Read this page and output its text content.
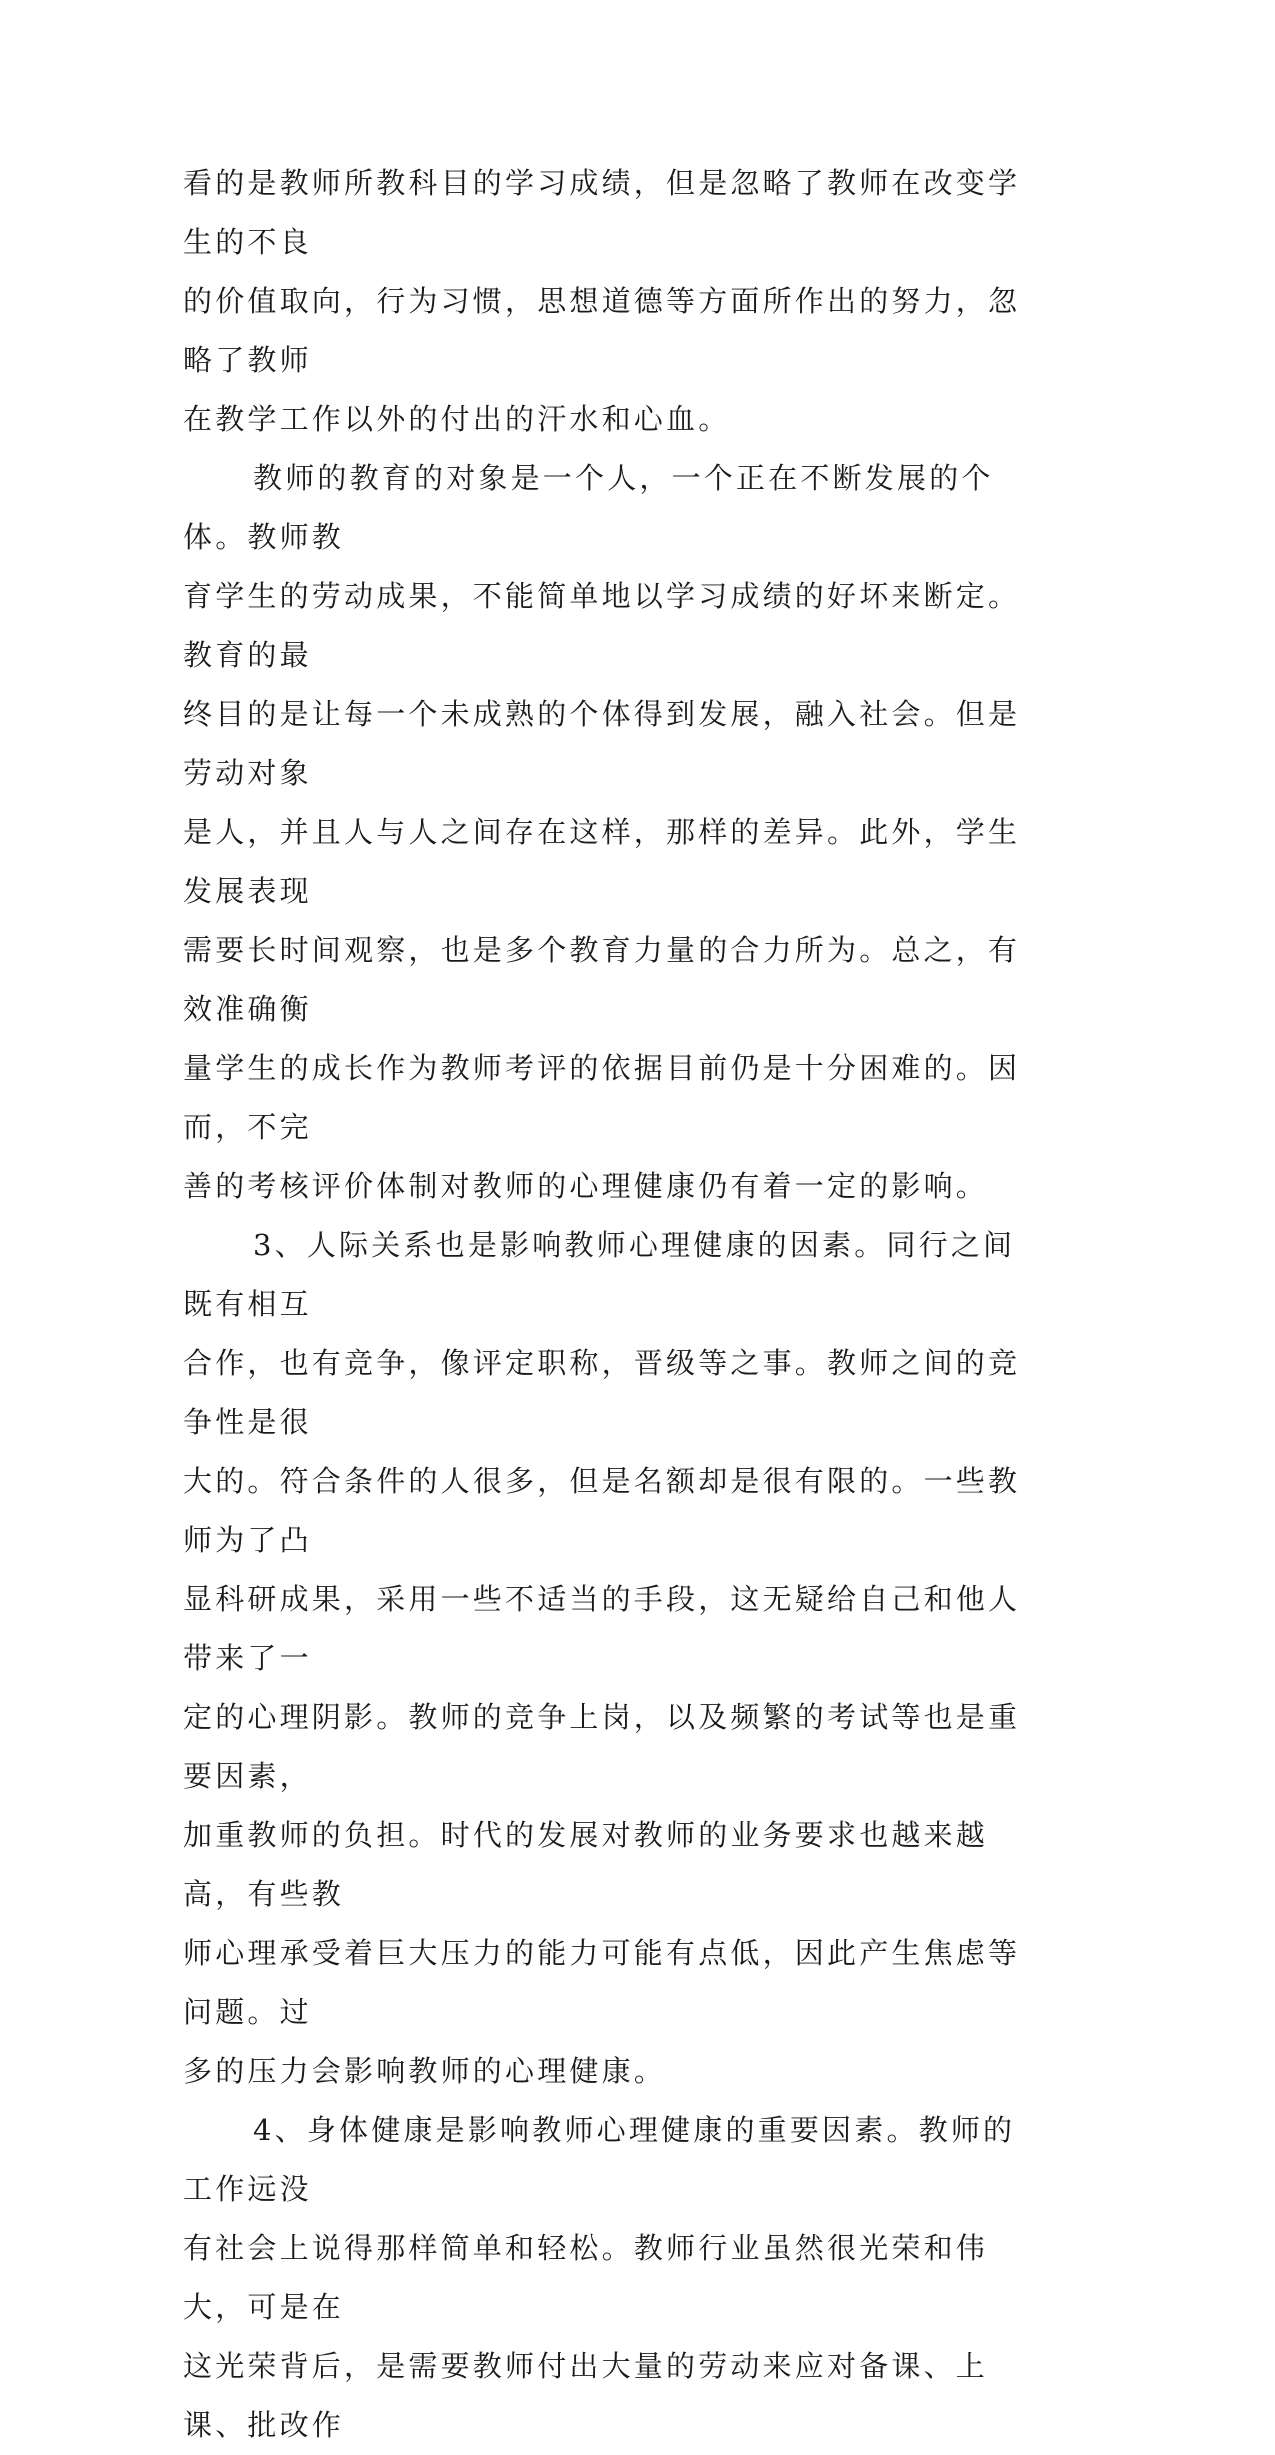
看的是教师所教科目的学习成绩，但是忽略了教师在改变学生的不良
的价值取向，行为习惯，思想道德等方面所作出的努力，忽略了教师
在教学工作以外的付出的汗水和心血。

教师的教育的对象是一个人，一个正在不断发展的个体。教师教
育学生的劳动成果，不能简单地以学习成绩的好坏来断定。教育的最
终目的是让每一个未成熟的个体得到发展，融入社会。但是劳动对象
是人，并且人与人之间存在这样，那样的差异。此外，学生发展表现
需要长时间观察，也是多个教育力量的合力所为。总之，有效准确衡
量学生的成长作为教师考评的依据目前仍是十分困难的。因而，不完
善的考核评价体制对教师的心理健康仍有着一定的影响。

3、人际关系也是影响教师心理健康的因素。同行之间既有相互
合作，也有竞争，像评定职称，晋级等之事。教师之间的竞争性是很
大的。符合条件的人很多，但是名额却是很有限的。一些教师为了凸
显科研成果，采用一些不适当的手段，这无疑给自己和他人带来了一
定的心理阴影。教师的竞争上岗，以及频繁的考试等也是重要因素，
加重教师的负担。时代的发展对教师的业务要求也越来越高，有些教
师心理承受着巨大压力的能力可能有点低，因此产生焦虑等问题。过
多的压力会影响教师的心理健康。

4、身体健康是影响教师心理健康的重要因素。教师的工作远没
有社会上说得那样简单和轻松。教师行业虽然很光荣和伟大，可是在
这光荣背后，是需要教师付出大量的劳动来应对备课、上课、批改作
